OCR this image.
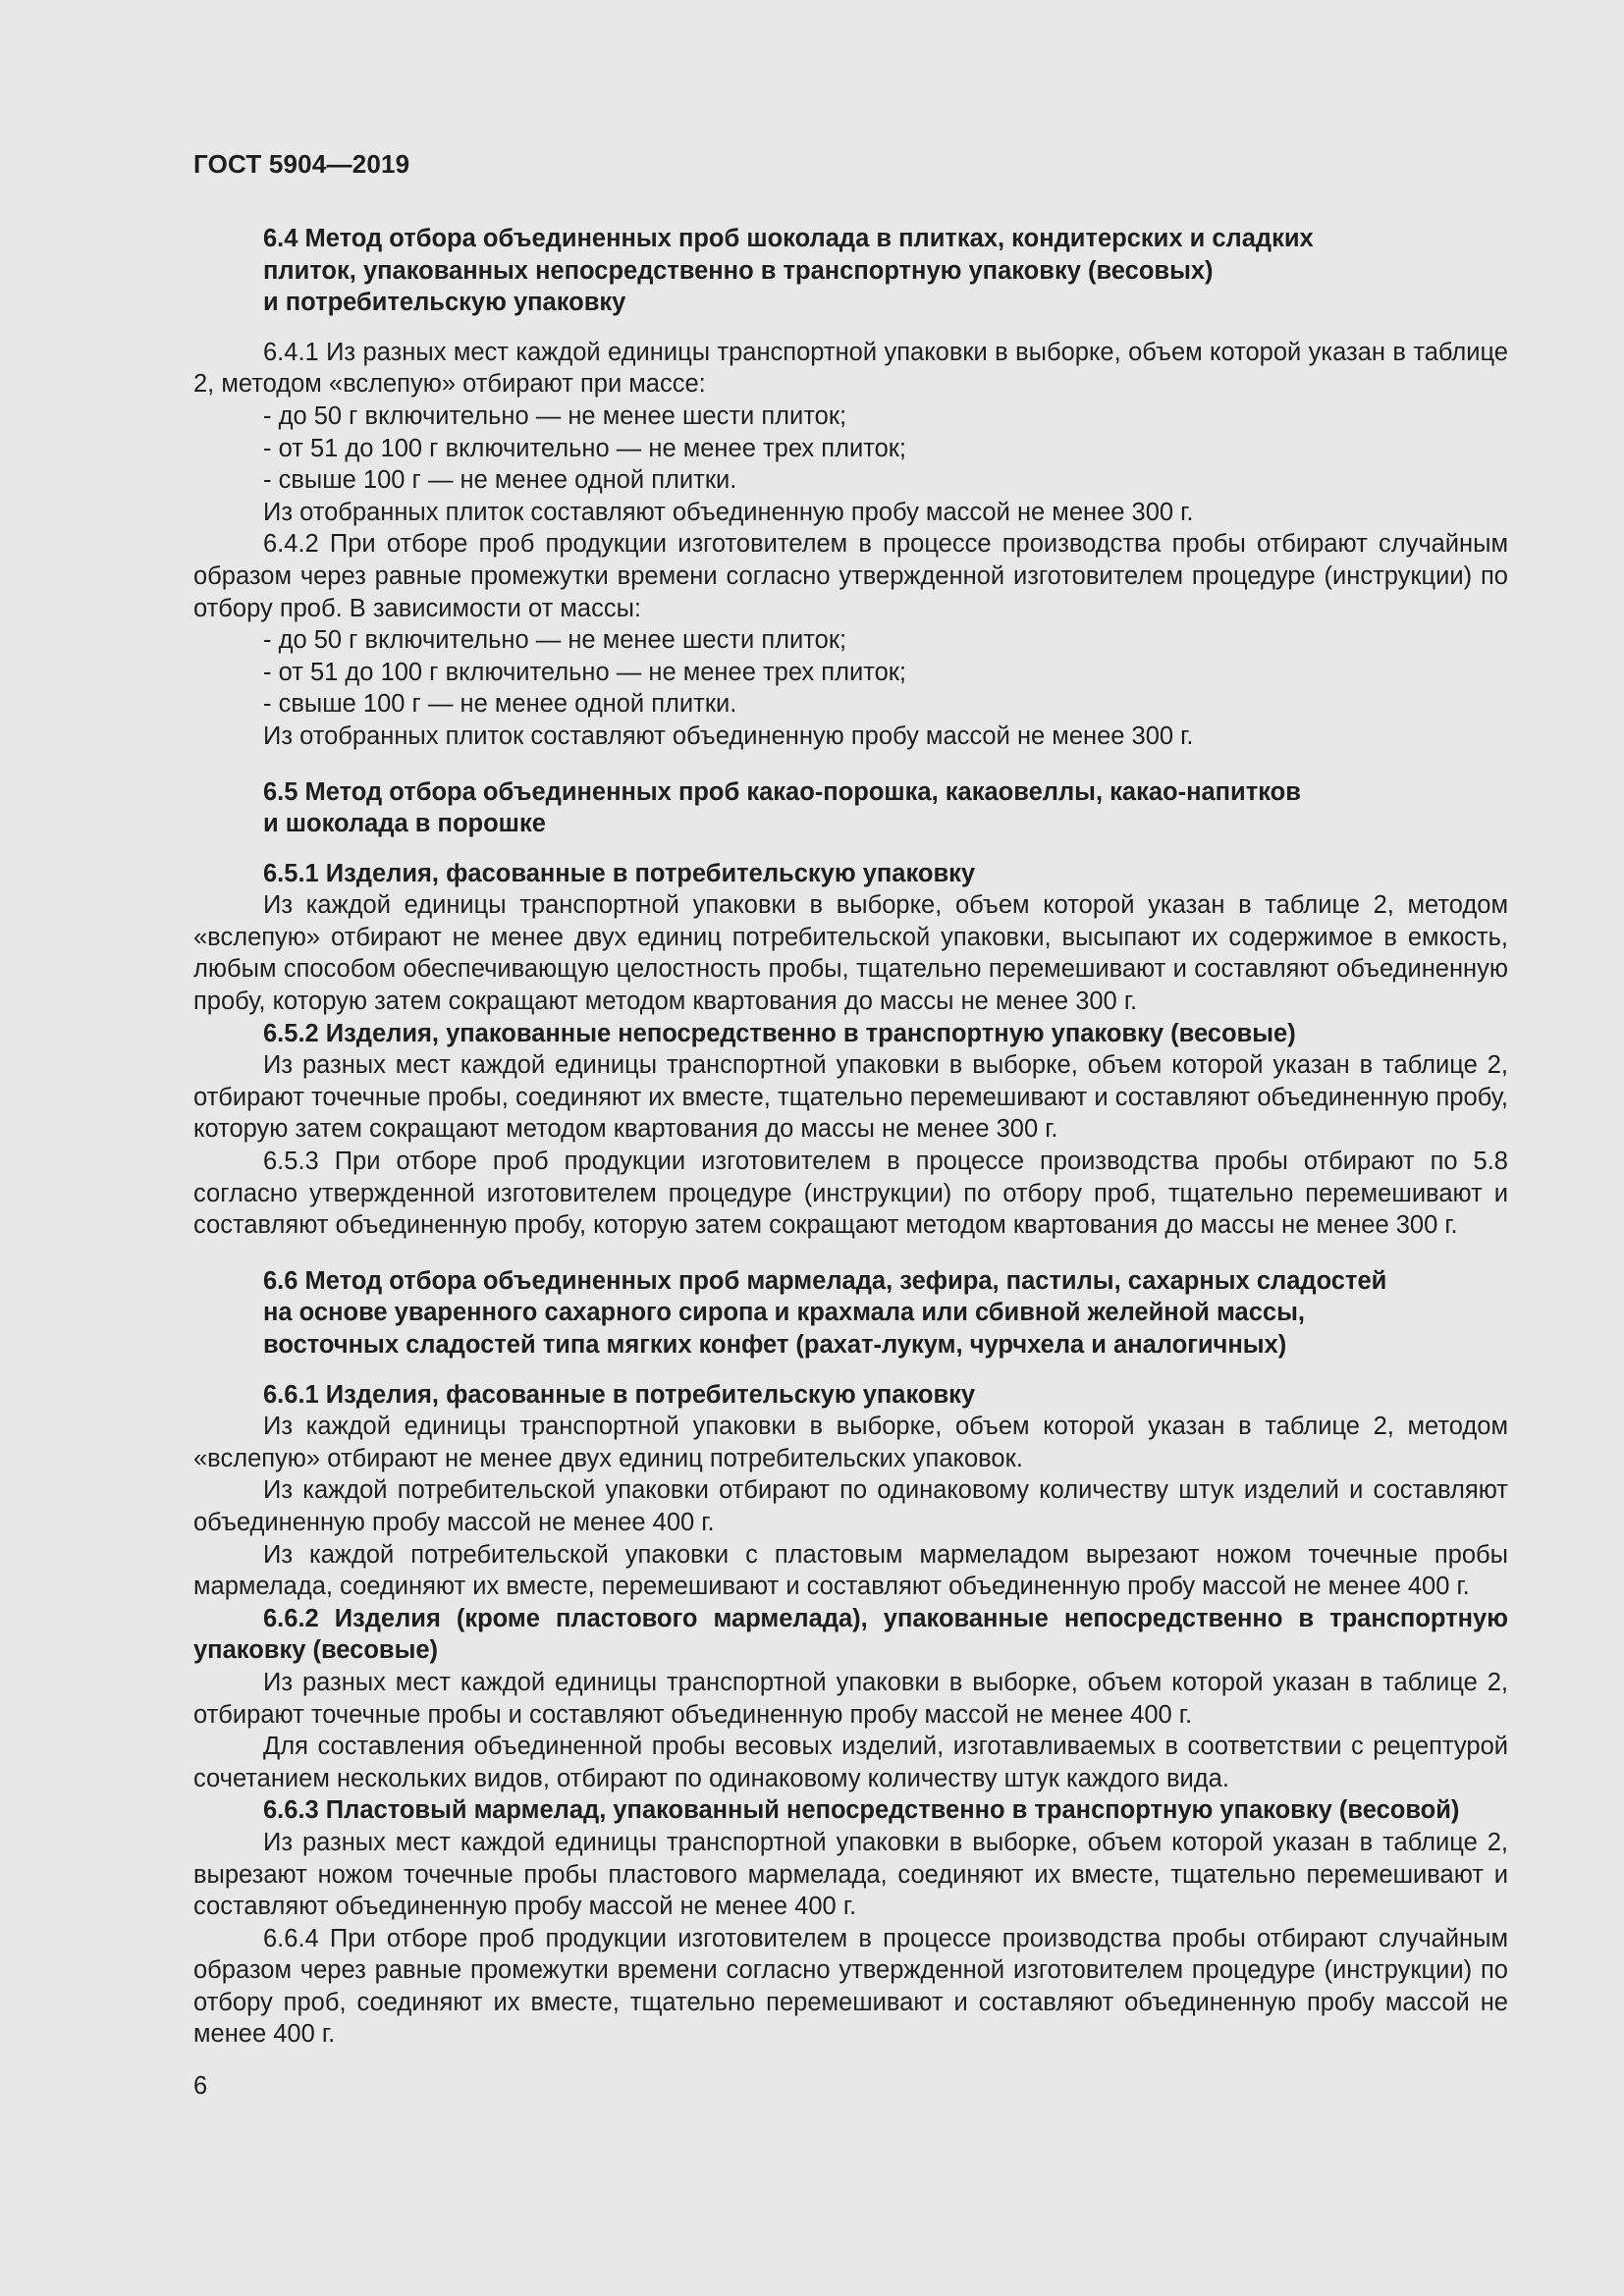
ГОСТ 5904—2019
6.4 Метод отбора объединенных проб шоколада в плитках, кондитерских и сладких
плиток, упакованных непосредственно в транспортную упаковку (весовых)
и потребительскую упаковку

6.4.1 Из разных мест каждой единицы транспортной упаковки в выборке, объем которой указан в таблице 2, методом «вслепую» отбирают при массе:

- до 50 г включительно — не менее шести плиток;

- от 51 до 100 г включительно — не менее трех плиток;

- свыше 100 г — не менее одной плитки.

Из отобранных плиток составляют объединенную пробу массой не менее 300 г.

6.4.2 При отборе проб продукции изготовителем в процессе производства пробы отбирают случайным образом через равные промежутки времени согласно утвержденной изготовителем процедуре (инструкции) по отбору проб. В зависимости от массы:

- до 50 г включительно — не менее шести плиток;

- от 51 до 100 г включительно — не менее трех плиток;

- свыше 100 г — не менее одной плитки.

Из отобранных плиток составляют объединенную пробу массой не менее 300 г.

6.5 Метод отбора объединенных проб какао-порошка, какаовеллы, какао-напитков
и шоколада в порошке

6.5.1 Изделия, фасованные в потребительскую упаковку

Из каждой единицы транспортной упаковки в выборке, объем которой указан в таблице 2, методом «вслепую» отбирают не менее двух единиц потребительской упаковки, высыпают их содержимое в емкость, любым способом обеспечивающую целостность пробы, тщательно перемешивают и составляют объединенную пробу, которую затем сокращают методом квартования до массы не менее 300 г.

6.5.2 Изделия, упакованные непосредственно в транспортную упаковку (весовые)

Из разных мест каждой единицы транспортной упаковки в выборке, объем которой указан в таблице 2, отбирают точечные пробы, соединяют их вместе, тщательно перемешивают и составляют объединенную пробу, которую затем сокращают методом квартования до массы не менее 300 г.

6.5.3 При отборе проб продукции изготовителем в процессе производства пробы отбирают по 5.8 согласно утвержденной изготовителем процедуре (инструкции) по отбору проб, тщательно перемешивают и составляют объединенную пробу, которую затем сокращают методом квартования до массы не менее 300 г.

6.6 Метод отбора объединенных проб мармелада, зефира, пастилы, сахарных сладостей
на основе уваренного сахарного сиропа и крахмала или сбивной желейной массы,
восточных сладостей типа мягких конфет (рахат-лукум, чурчхела и аналогичных)

6.6.1 Изделия, фасованные в потребительскую упаковку

Из каждой единицы транспортной упаковки в выборке, объем которой указан в таблице 2, методом «вслепую» отбирают не менее двух единиц потребительских упаковок.

Из каждой потребительской упаковки отбирают по одинаковому количеству штук изделий и составляют объединенную пробу массой не менее 400 г.

Из каждой потребительской упаковки с пластовым мармеладом вырезают ножом точечные пробы мармелада, соединяют их вместе, перемешивают и составляют объединенную пробу массой не менее 400 г.

6.6.2 Изделия (кроме пластового мармелада), упакованные непосредственно в транспортную упаковку (весовые)

Из разных мест каждой единицы транспортной упаковки в выборке, объем которой указан в таблице 2, отбирают точечные пробы и составляют объединенную пробу массой не менее 400 г.

Для составления объединенной пробы весовых изделий, изготавливаемых в соответствии с рецептурой сочетанием нескольких видов, отбирают по одинаковому количеству штук каждого вида.

6.6.3 Пластовый мармелад, упакованный непосредственно в транспортную упаковку (весовой)

Из разных мест каждой единицы транспортной упаковки в выборке, объем которой указан в таблице 2, вырезают ножом точечные пробы пластового мармелада, соединяют их вместе, тщательно перемешивают и составляют объединенную пробу массой не менее 400 г.

6.6.4 При отборе проб продукции изготовителем в процессе производства пробы отбирают случайным образом через равные промежутки времени согласно утвержденной изготовителем процедуре (инструкции) по отбору проб, соединяют их вместе, тщательно перемешивают и составляют объединенную пробу массой не менее 400 г.

6
